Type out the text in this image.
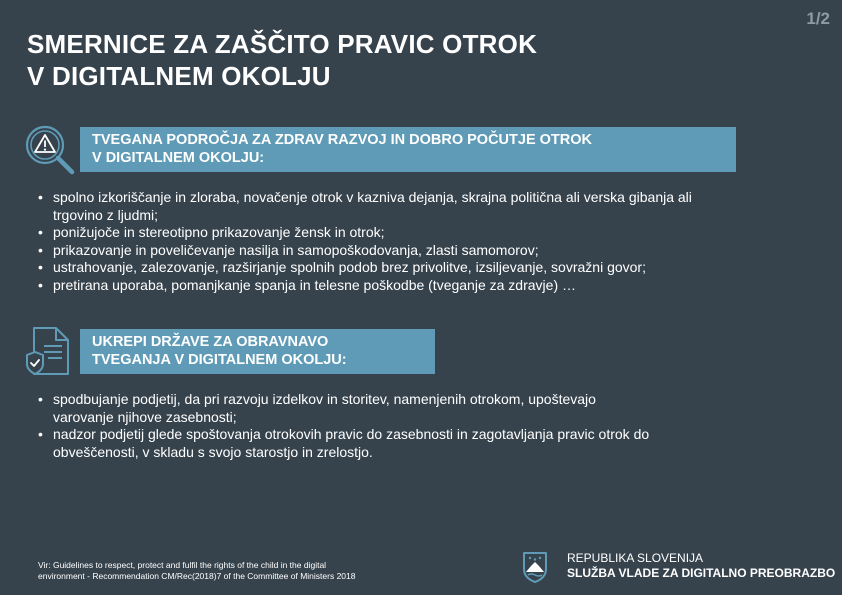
1/2
SMERNICE ZA ZAŠČITO PRAVIC OTROK
V DIGITALNEM OKOLJU
TVEGANA PODROČJA ZA ZDRAV RAZVOJ IN DOBRO POČUTJE OTROK
V DIGITALNEM OKOLJU:
• spolno izkoriščanje in zloraba, novačenje otrok v kazniva dejanja, skrajna politična ali verska gibanja ali trgovino z ljudmi;
• ponižujoče in stereotipno prikazovanje žensk in otrok;
• prikazovanje in poveličevanje nasilja in samopoškodovanja, zlasti samomorov;
• ustrahovanje, zalezovanje, razširjanje spolnih podob brez privolitve, izsiljevanje, sovražni govor;
• pretirana uporaba, pomanjkanje spanja in telesne poškodbe (tveganje za zdravje) …
UKREPI DRŽAVE ZA OBRAVNAVO
TVEGANJA V DIGITALNEM OKOLJU:
• spodbujanje podjetij, da pri razvoju izdelkov in storitev, namenjenih otrokom, upoštevajo varovanje njihove zasebnosti;
• nadzor podjetij glede spoštovanja otrokovih pravic do zasebnosti in zagotavljanja pravic otrok do obveščenosti, v skladu s svojo starostjo in zrelostjo.
Vir: Guidelines to respect, protect and fulfil the rights of the child in the digital
environment - Recommendation CM/Rec(2018)7 of the Committee of Ministers 2018
REPUBLIKA SLOVENIJA
SLUŽBA VLADE ZA DIGITALNO PREOBRAZBO
